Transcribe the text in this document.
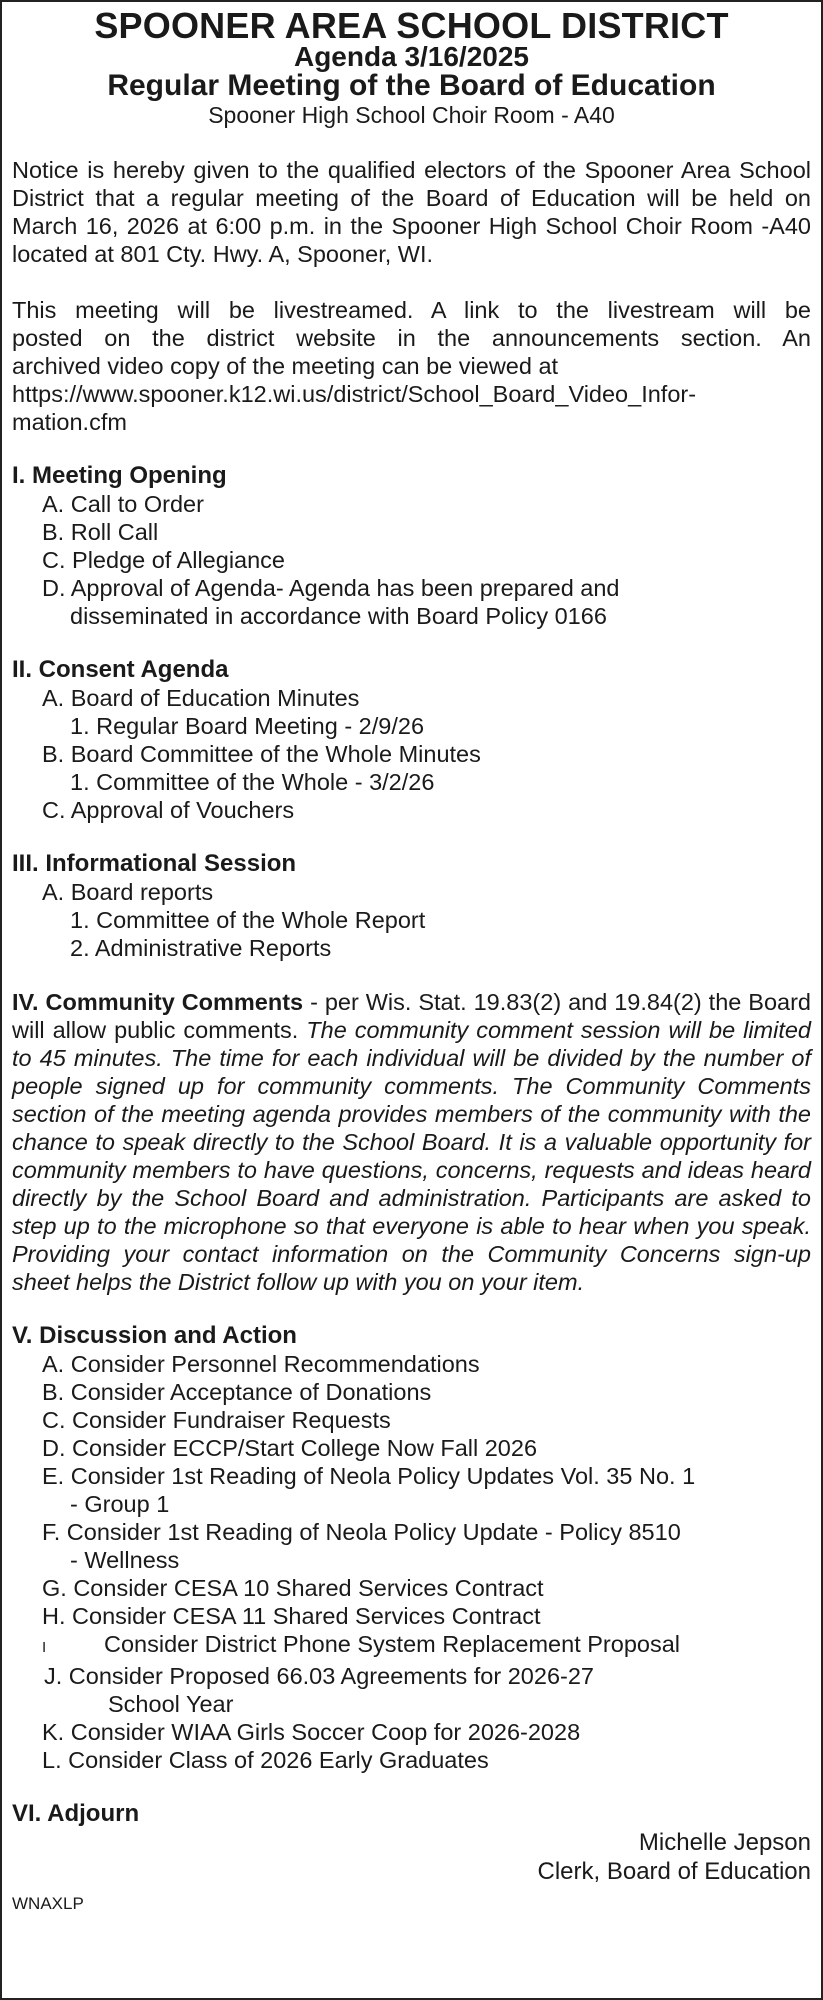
SPOONER AREA SCHOOL DISTRICT
Agenda 3/16/2025
Regular Meeting of the Board of Education
Spooner High School Choir Room - A40

Notice is hereby given to the qualified electors of the Spooner Area School District that a regular meeting of the Board of Education will be held on March 16, 2026 at 6:00 p.m. in the Spooner High School Choir Room -A40 located at 801 Cty. Hwy. A, Spooner, WI.

This meeting will be livestreamed. A link to the livestream will be

posted on the district website in the announcements section. An

archived video copy of the meeting can be viewed at

https://www.spooner.k12.wi.us/district/School_Board_Video_Infor-

mation.cfm

I. Meeting Opening

A. Call to Order

B. Roll Call

C. Pledge of Allegiance

D. Approval of Agenda- Agenda has been prepared and

disseminated in accordance with Board Policy 0166

II. Consent Agenda

A. Board of Education Minutes

1. Regular Board Meeting - 2/9/26

B. Board Committee of the Whole Minutes

1. Committee of the Whole - 3/2/26

C. Approval of Vouchers

III. Informational Session

A. Board reports

1. Committee of the Whole Report

2. Administrative Reports

IV. Community Comments - per Wis. Stat. 19.83(2) and 19.84(2) the Board will allow public comments. The community comment session will be limited to 45 minutes. The time for each individual will be divided by the number of people signed up for community comments. The Community Comments section of the meeting agenda provides members of the community with the chance to speak directly to the School Board. It is a valuable opportunity for community members to have questions, concerns, requests and ideas heard directly by the School Board and administration. Participants are asked to step up to the microphone so that everyone is able to hear when you speak. Providing your contact information on the Community Concerns sign-up sheet helps the District follow up with you on your item.

V. Discussion and Action

A. Consider Personnel Recommendations

B. Consider Acceptance of Donations

C. Consider Fundraiser Requests

D. Consider ECCP/Start College Now Fall 2026

E. Consider 1st Reading of Neola Policy Updates Vol. 35 No. 1

- Group 1

F. Consider 1st Reading of Neola Policy Update - Policy 8510

- Wellness

G. Consider CESA 10 Shared Services Contract

H. Consider CESA 11 Shared Services Contract

I Consider District Phone System Replacement Proposal

J. Consider Proposed 66.03 Agreements for 2026-27

School Year

K. Consider WIAA Girls Soccer Coop for 2026-2028

L. Consider Class of 2026 Early Graduates

VI. Adjourn

Michelle Jepson

Clerk, Board of Education

WNAXLP
